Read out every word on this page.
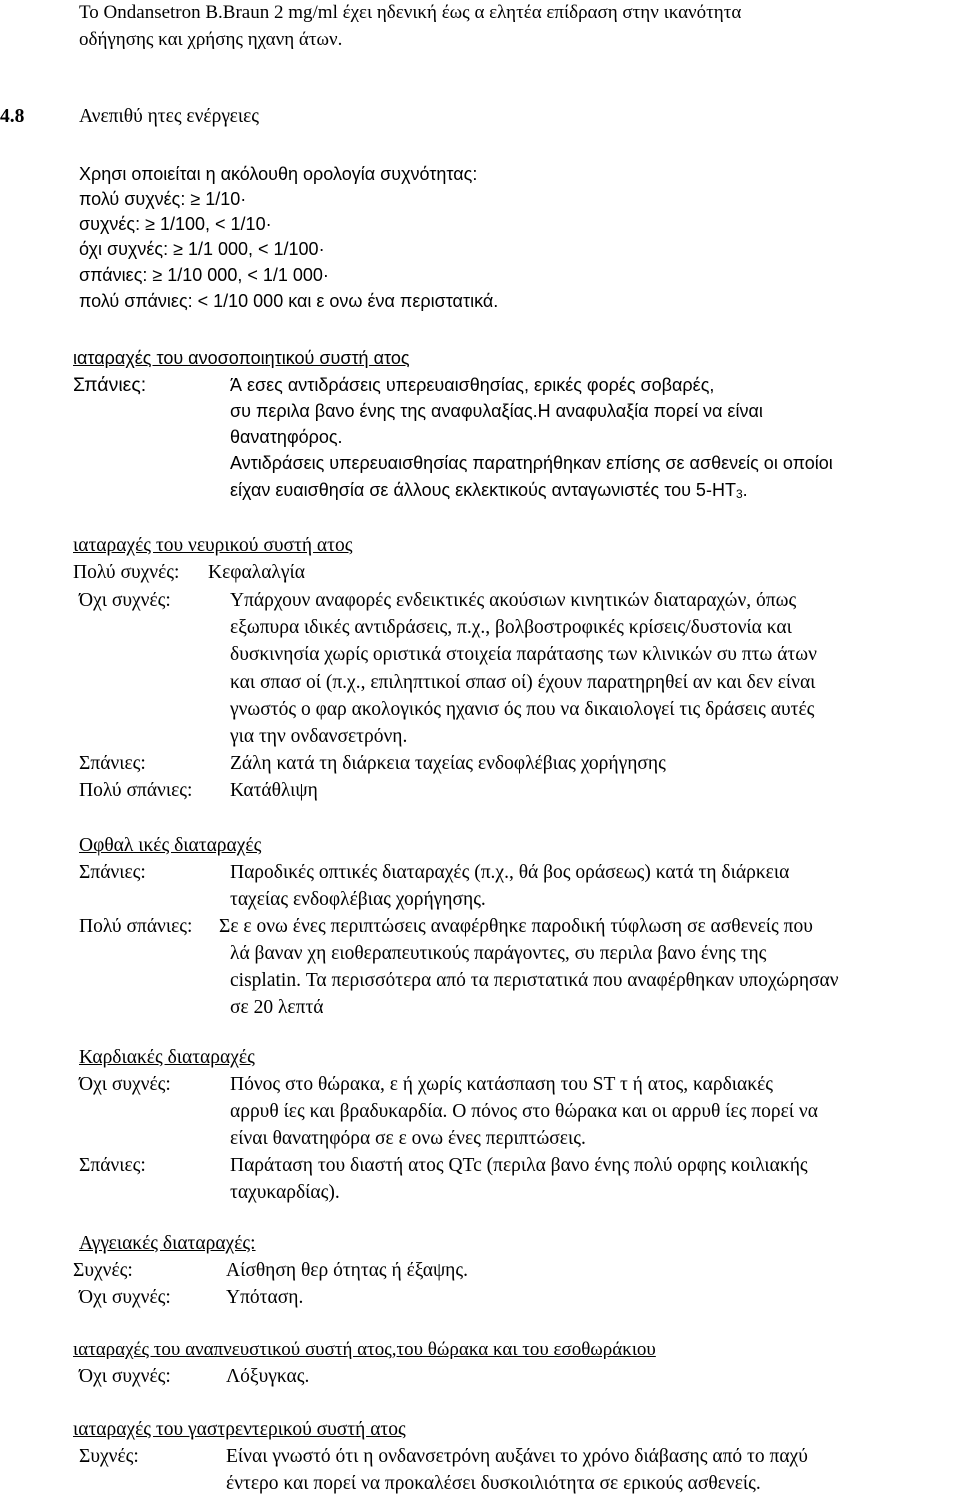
Το Ondansetron B.Braun 2 mg/ml έχει ηδενική έως α ελητέα επίδραση στην ικανότητα
οδήγησης και χρήσης ηχανη άτων.
4.8	Ανεπιθύ ητες ενέργειες
Χρησι οποιείται η ακόλουθη ορολογία συχνότητας:
πολύ συχνές: ≥ 1/10·
συχνές: ≥ 1/100, < 1/10·
όχι συχνές: ≥ 1/1 000, < 1/100·
σπάνιες: ≥ 1/10 000, < 1/1 000·
πολύ σπάνιες: < 1/10 000 και ε ονω ένα περιστατικά.
ιαταραχές του ανοσοποιητικού συστή ατος
Σπάνιες:	Ά εσες αντιδράσεις υπερευαισθησίας, ερικές φορές σοβαρές,
συ περιλα βανο ένης της αναφυλαξίας.Η αναφυλαξία πορεί να είναι
θανατηφόρος.
Αντιδράσεις υπερευαισθησίας παρατηρήθηκαν επίσης σε ασθενείς οι οποίοι
είχαν ευαισθησία σε άλλους εκλεκτικούς ανταγωνιστές του $5-HT_3$.
ιαταραχές του νευρικού συστή ατος
Πολύ συχνές: Κεφαλαλγία
Όχι συχνές:	Υπάρχουν αναφορές ενδεικτικές ακούσιων κινητικών διαταραχών, όπως
εξωπυρα ιδικές αντιδράσεις, π.χ., βολβοστροφικές κρίσεις/δυστονία και
δυσκινησία χωρίς οριστικά στοιχεία παράτασης των κλινικών συ πτω άτων
και σπασ οί (π.χ., επιληπτικοί σπασ οί) έχουν παρατηρηθεί αν και δεν είναι
γνωστός ο φαρ ακολογικός ηχανισ ός που να δικαιολογεί τις δράσεις αυτές
για την ονδανσετρόνη.
Σπάνιες:	Ζάλη κατά τη διάρκεια ταχείας ενδοφλέβιας χορήγησης
Πολύ σπάνιες: Κατάθλιψη
Οφθαλ ικές διαταραχές
Σπάνιες:	Παροδικές οπτικές διαταραχές (π.χ., θά βος οράσεως) κατά τη διάρκεια
ταχείας ενδοφλέβιας χορήγησης.
Πολύ σπάνιες: Σε ε ονω ένες περιπτώσεις αναφέρθηκε παροδική τύφλωση σε ασθενείς που
λά βαναν χη ειοθεραπευτικούς παράγοντες, συ περιλα βανο ένης της
cisplatin. Τα περισσότερα από τα περιστατικά που αναφέρθηκαν υποχώρησαν
σε 20 λεπτά
Καρδιακές διαταραχές
Όχι συχνές:	Πόνος στο θώρακα, ε ή χωρίς κατάσπαση του ST τ ή ατος, καρδιακές
αρρυθ ίες και βραδυκαρδία. Ο πόνος στο θώρακα και οι αρρυθ ίες πορεί να
είναι θανατηφόρα σε ε ονω ένες περιπτώσεις.
Σπάνιες:	Παράταση του διαστή ατος QTc (περιλα βανο ένης πολύ ορφης κοιλιακής
ταχυκαρδίας).
Αγγειακές διαταραχές:
Συχνές:	Αίσθηση θερ ότητας ή έξαψης.
Όχι συχνές:	Υπόταση.
ιαταραχές του αναπνευστικού συστή ατος,του θώρακα και του εσοθωράκιου
Όχι συχνές:	Λόξυγκας.
ιαταραχές του γαστρεντερικού συστή ατος
Συχνές:	Είναι γνωστό ότι η ονδανσετρόνη αυξάνει το χρόνο διάβασης από το παχύ
έντερο και πορεί να προκαλέσει δυσκοιλιότητα σε ερικούς ασθενείς.
